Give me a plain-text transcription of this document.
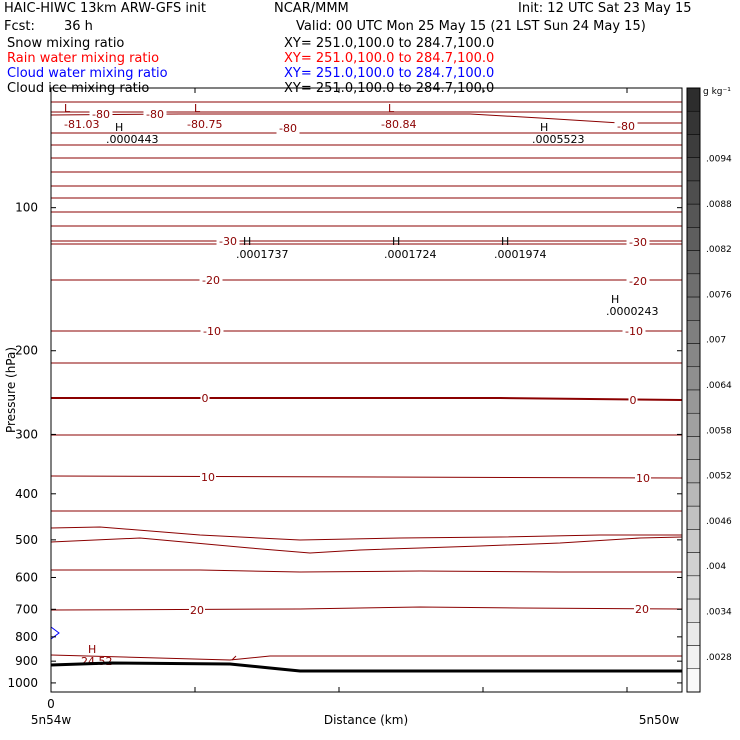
HAIC-HIWC 13km ARW-GFS init	NCAR/MMM	Init: 12 UTC Sat 23 May 15
Fcst: 36 h	Valid: 00 UTC Mon 25 May 15 (21 LST Sun 24 May 15)
Snow mixing ratio	XY= 251.0,100.0 to 284.7,100.0
Rain water mixing ratio	XY= 251.0,100.0 to 284.7,100.0
Cloud water mixing ratio	XY= 251.0,100.0 to 284.7,100.0
Cloud ice mixing ratio	XY= 251.0,100.0 to 284.7,100.0
-80	-80
-80	-80
-30	-30
-20	-20
-10	-10
0	0
10	10
20	20
L
-81.03
L
-80.75
L
-80.84
H
.0000443
H
.0005523
H
.0001737
H
.0001724
H
.0001974
H
.0000243
H
24.52
100
200
300
400
500
600
700
800
900
1000
0
5n54w	5n50w
Distance (km)
Pressure (hPa)
g kg⁻¹
.0094
.0088
.0082
.0076
.007
.0064
.0058
.0052
.0046
.004
.0034
.0028
